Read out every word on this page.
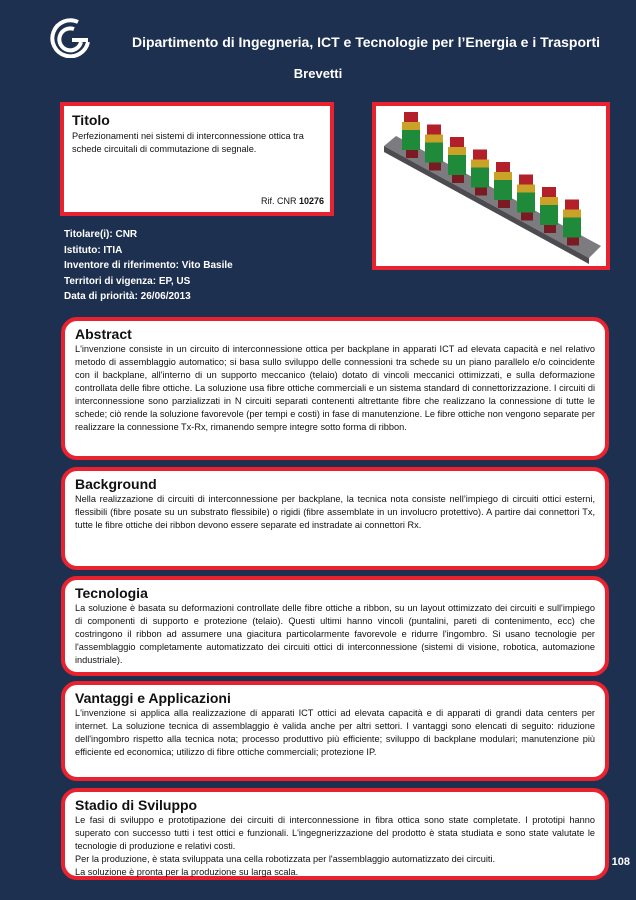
Dipartimento di Ingegneria, ICT e Tecnologie per l’Energia e i Trasporti
Brevetti
Titolo

Perfezionamenti nei sistemi di interconnessione ottica tra schede circuitali di commutazione di segnale.

Rif. CNR 10276
Titolare(i): CNR
Istituto: ITIA
Inventore di riferimento: Vito Basile
Territori di vigenza: EP, US
Data di priorità: 26/06/2013
Abstract

L'invenzione consiste in un circuito di interconnessione ottica per backplane in apparati ICT ad elevata capacità e nel relativo metodo di assemblaggio automatico; si basa sullo sviluppo delle connessioni tra schede su un piano parallelo e/o coincidente con il backplane, all'interno di un supporto meccanico (telaio) dotato di vincoli meccanici ottimizzati, e sulla deformazione controllata delle fibre ottiche. La soluzione usa fibre ottiche commerciali e un sistema standard di connettorizzazione. I circuiti di interconnessione sono parzializzati in N circuiti separati contenenti altrettante fibre che realizzano la connessione di tutte le schede; ciò rende la soluzione favorevole (per tempi e costi) in fase di manutenzione. Le fibre ottiche non vengono separate per realizzare la connessione Tx-Rx, rimanendo sempre integre sotto forma di ribbon.

Background

Nella realizzazione di circuiti di interconnessione per backplane, la tecnica nota consiste nell’impiego di circuiti ottici esterni, flessibili (fibre posate su un substrato flessibile) o rigidi (fibre assemblate in un involucro protettivo). A partire dai connettori Tx, tutte le fibre ottiche dei ribbon devono essere separate ed instradate ai connettori Rx.

Tecnologia

La soluzione è basata su deformazioni controllate delle fibre ottiche a ribbon, su un layout ottimizzato dei circuiti e sull'impiego di componenti di supporto e protezione (telaio). Questi ultimi hanno vincoli (puntalini, pareti di contenimento, ecc) che costringono il ribbon ad assumere una giacitura particolarmente favorevole e ridurre l'ingombro. Si usano tecnologie per l'assemblaggio completamente automatizzato dei circuiti ottici di interconnessione (sistemi di visione, robotica, automazione industriale).

Vantaggi e Applicazioni

L'invenzione si applica alla realizzazione di apparati ICT ottici ad elevata capacità e di apparati di grandi data centers per internet. La soluzione tecnica di assemblaggio è valida anche per altri settori. I vantaggi sono elencati di seguito: riduzione dell'ingombro rispetto alla tecnica nota; processo produttivo più efficiente; sviluppo di backplane modulari; manutenzione più efficiente ed economica; utilizzo di fibre ottiche commerciali; protezione IP.

Stadio di Sviluppo

Le fasi di sviluppo e prototipazione dei circuiti di interconnessione in fibra ottica sono state completate. I prototipi hanno superato con successo tutti i test ottici e funzionali. L'ingegnerizzazione del prodotto è stata studiata e sono state valutate le tecnologie di produzione e relativi costi.

Per la produzione, è stata sviluppata una cella robotizzata per l'assemblaggio automatizzato dei circuiti.

La soluzione è pronta per la produzione su larga scala.

108
